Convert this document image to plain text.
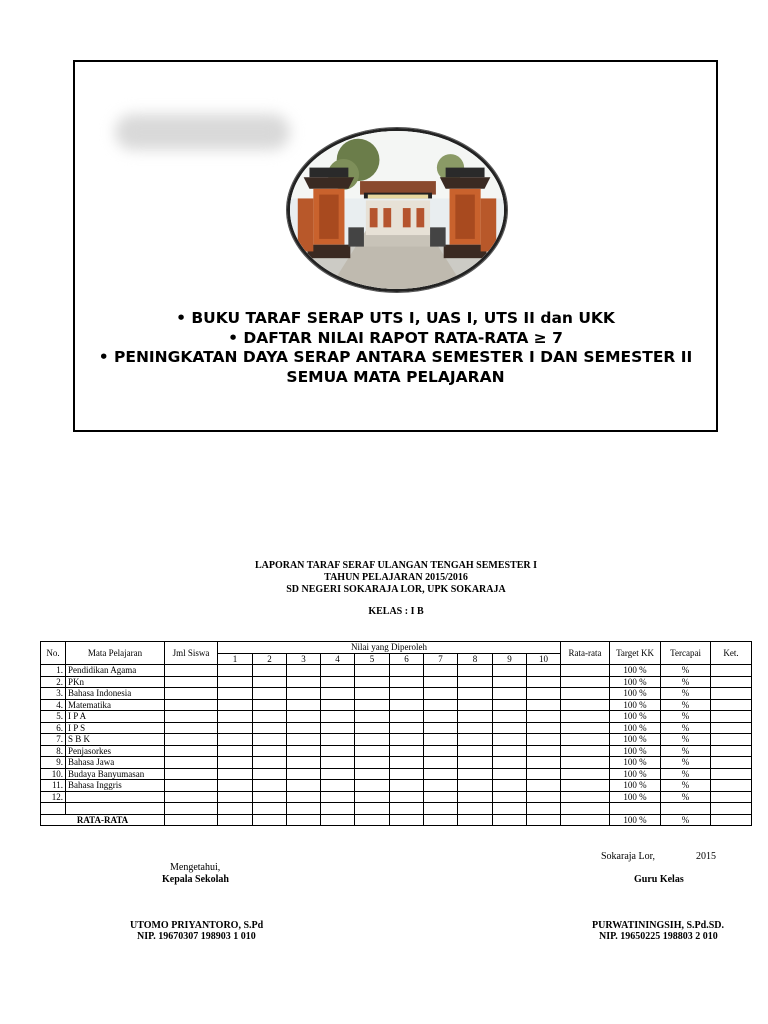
• BUKU TARAF SERAP UTS I, UAS I, UTS II dan UKK
• DAFTAR NILAI RAPOT RATA-RATA ≥ 7
• PENINGKATAN DAYA SERAP ANTARA SEMESTER I DAN SEMESTER II
SEMUA MATA PELAJARAN
LAPORAN TARAF SERAF ULANGAN TENGAH SEMESTER I
TAHUN PELAJARAN 2015/2016
SD NEGERI SOKARAJA LOR, UPK SOKARAJA
KELAS : I B
No.	Mata Pelajaran	Jml Siswa	Nilai yang Diperoleh										Rata-rata	Target KK	Tercapai	Ket.
			1	2	3	4	5	6	7	8	9	10				
1.	Pendidikan Agama													100 %	%	
2.	PKn													100 %	%	
3.	Bahasa Indonesia													100 %	%	
4.	Matematika													100 %	%	
5.	I P A													100 %	%	
6.	I P S													100 %	%	
7.	S B K													100 %	%	
8.	Penjasorkes													100 %	%	
9.	Bahasa Jawa													100 %	%	
10.	Budaya Banyumasan													100 %	%	
11.	Bahasa Inggris													100 %	%	
12.														100 %	%	

RATA-RATA														100 %	%	
Mengetahui,
Kepala Sekolah
UTOMO PRIYANTORO, S.Pd
NIP. 19670307 198903 1 010
Sokaraja Lor,	2015
Guru Kelas
PURWATININGSIH, S.Pd.SD.
NIP. 19650225 198803 2 010
